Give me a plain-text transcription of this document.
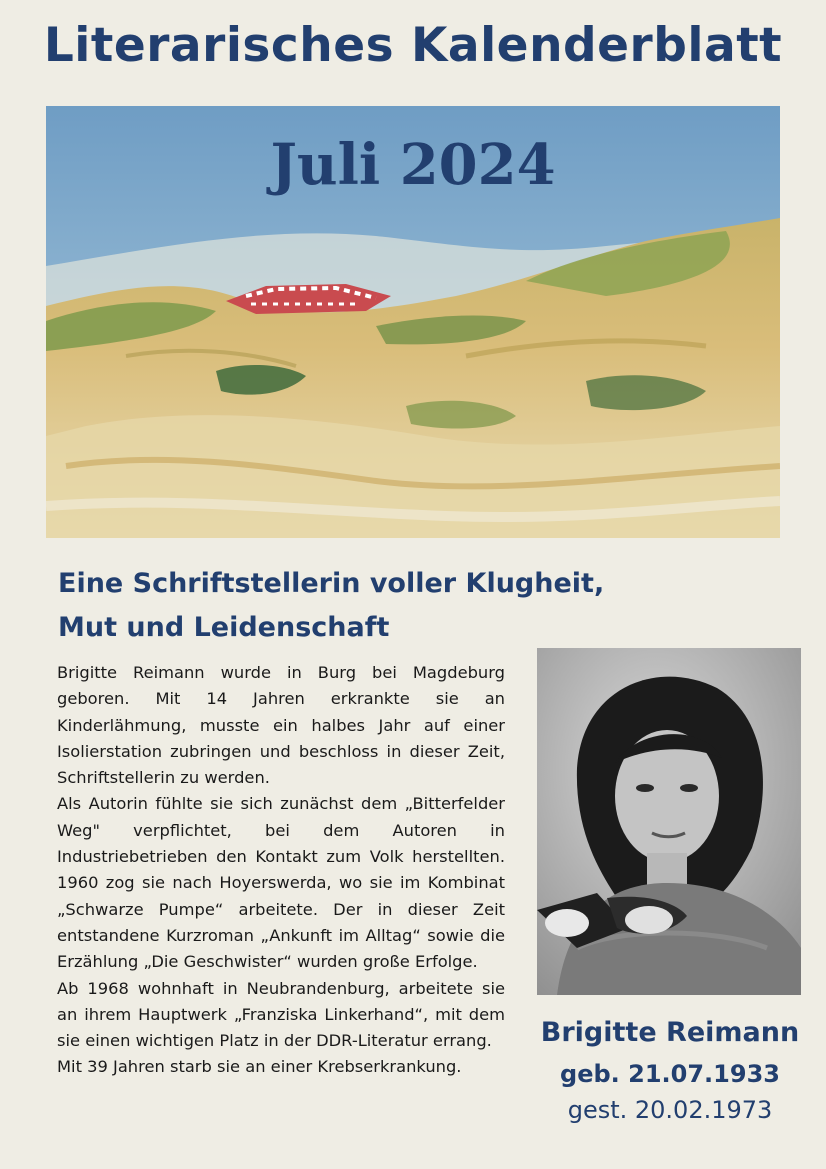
Literarisches Kalenderblatt
Juli 2024
Eine Schriftstellerin voller Klugheit,
Mut und Leidenschaft

Brigitte Reimann wurde in Burg bei Magdeburg geboren. Mit 14 Jahren erkrankte sie an Kinderlähmung, musste ein halbes Jahr auf einer Isolierstation zubringen und beschloss in dieser Zeit, Schriftstellerin zu werden.

Als Autorin fühlte sie sich zunächst dem „Bitterfelder Weg" verpflichtet, bei dem Autoren in Industriebetrieben den Kontakt zum Volk herstellten. 1960 zog sie nach Hoyerswerda, wo sie im Kombinat „Schwarze Pumpe“ arbeitete. Der in dieser Zeit entstandene Kurzroman „Ankunft im Alltag“ sowie die Erzählung „Die Geschwister“ wurden große Erfolge.

Ab 1968 wohnhaft in Neubrandenburg, arbeitete sie an ihrem Hauptwerk „Franziska Linkerhand“, mit dem sie einen wichtigen Platz in der DDR-Literatur errang.

Mit 39 Jahren starb sie an einer Krebserkrankung.

Brigitte Reimann
geb. 21.07.1933
gest. 20.02.1973
